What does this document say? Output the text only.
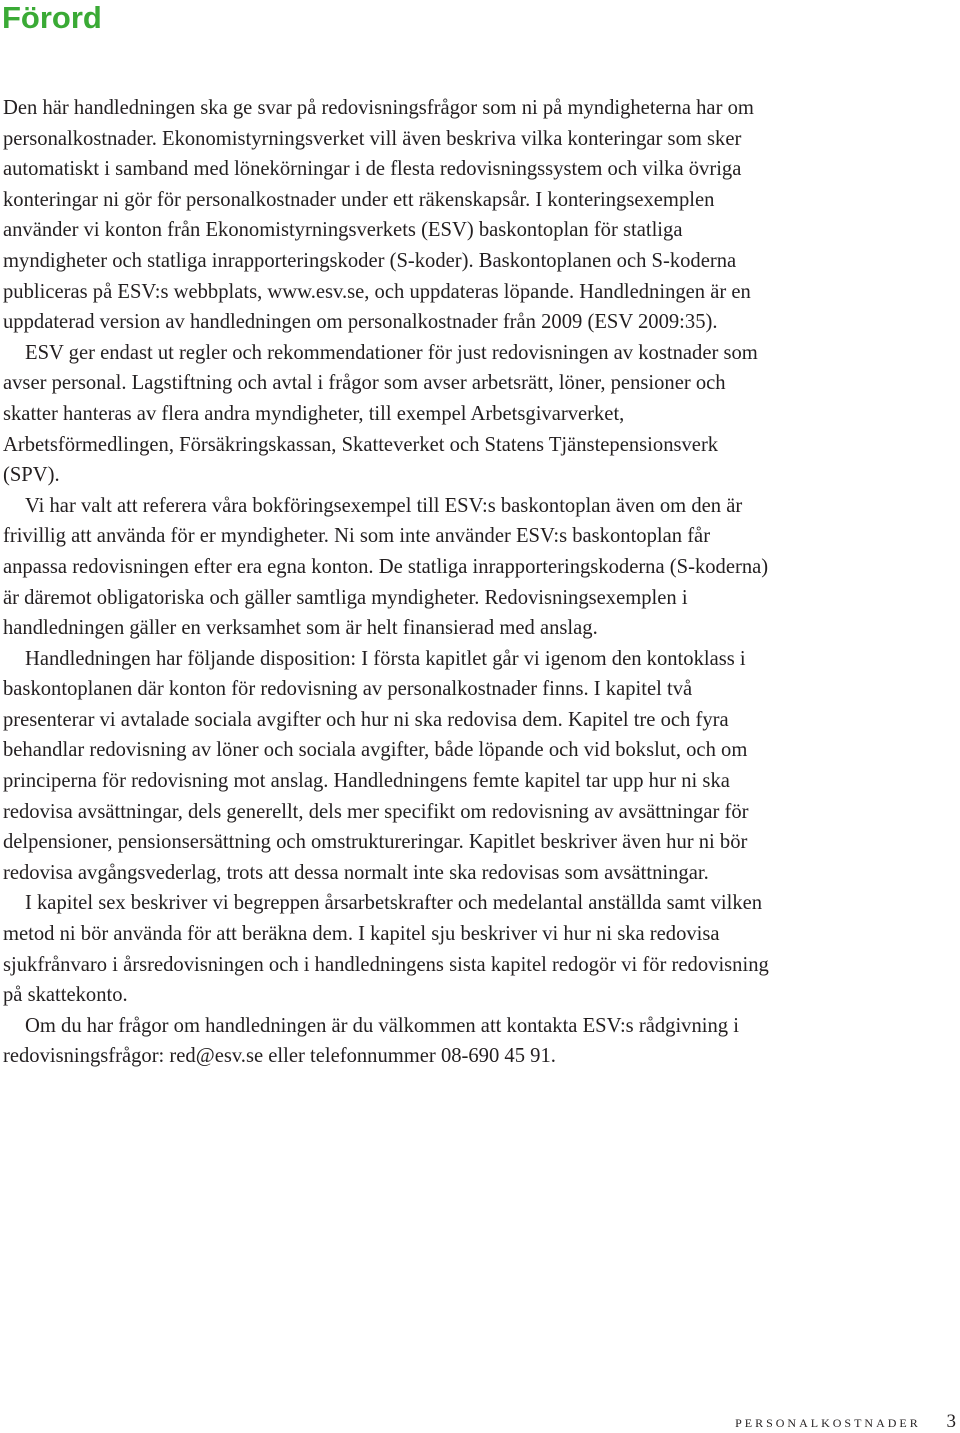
Förord

Den här handledningen ska ge svar på redovisningsfrågor som ni på myndigheterna har om personalkostnader. Ekonomistyrningsverket vill även beskriva vilka konteringar som sker automatiskt i samband med lönekörningar i de flesta redovisningssystem och vilka övriga konteringar ni gör för personalkostnader under ett räkenskapsår. I konteringsexemplen använder vi konton från Ekonomistyrningsverkets (ESV) baskontoplan för statliga myndigheter och statliga inrapporteringskoder (S-koder). Baskontoplanen och S-koderna publiceras på ESV:s webbplats, www.esv.se, och uppdateras löpande. Handledningen är en uppdaterad version av handledningen om personalkostnader från 2009 (ESV 2009:35).

ESV ger endast ut regler och rekommendationer för just redovisningen av kostnader som avser personal. Lagstiftning och avtal i frågor som avser arbetsrätt, löner, pensioner och skatter hanteras av flera andra myndigheter, till exempel Arbetsgivarverket, Arbetsförmedlingen, Försäkringskassan, Skatteverket och Statens Tjänstepensionsverk (SPV).

Vi har valt att referera våra bokföringsexempel till ESV:s baskontoplan även om den är frivillig att använda för er myndigheter. Ni som inte använder ESV:s baskontoplan får anpassa redovisningen efter era egna konton. De statliga inrapporteringskoderna (S-koderna) är däremot obligatoriska och gäller samtliga myndigheter. Redovisningsexemplen i handledningen gäller en verksamhet som är helt finansierad med anslag.

Handledningen har följande disposition: I första kapitlet går vi igenom den kontoklass i baskontoplanen där konton för redovisning av personalkostnader finns. I kapitel två presenterar vi avtalade sociala avgifter och hur ni ska redovisa dem. Kapitel tre och fyra behandlar redovisning av löner och sociala avgifter, både löpande och vid bokslut, och om principerna för redovisning mot anslag. Handledningens femte kapitel tar upp hur ni ska redovisa avsättningar, dels generellt, dels mer specifikt om redovisning av avsättningar för delpensioner, pensionsersättning och omstruktureringar. Kapitlet beskriver även hur ni bör redovisa avgångsvederlag, trots att dessa normalt inte ska redovisas som avsättningar.

I kapitel sex beskriver vi begreppen årsarbetskrafter och medelantal anställda samt vilken metod ni bör använda för att beräkna dem. I kapitel sju beskriver vi hur ni ska redovisa sjukfrånvaro i årsredovisningen och i handledningens sista kapitel redogör vi för redovisning på skattekonto.

Om du har frågor om handledningen är du välkommen att kontakta ESV:s rådgivning i redovisningsfrågor: red@esv.se eller telefonnummer 08-690 45 91.

personalkostnader 3
